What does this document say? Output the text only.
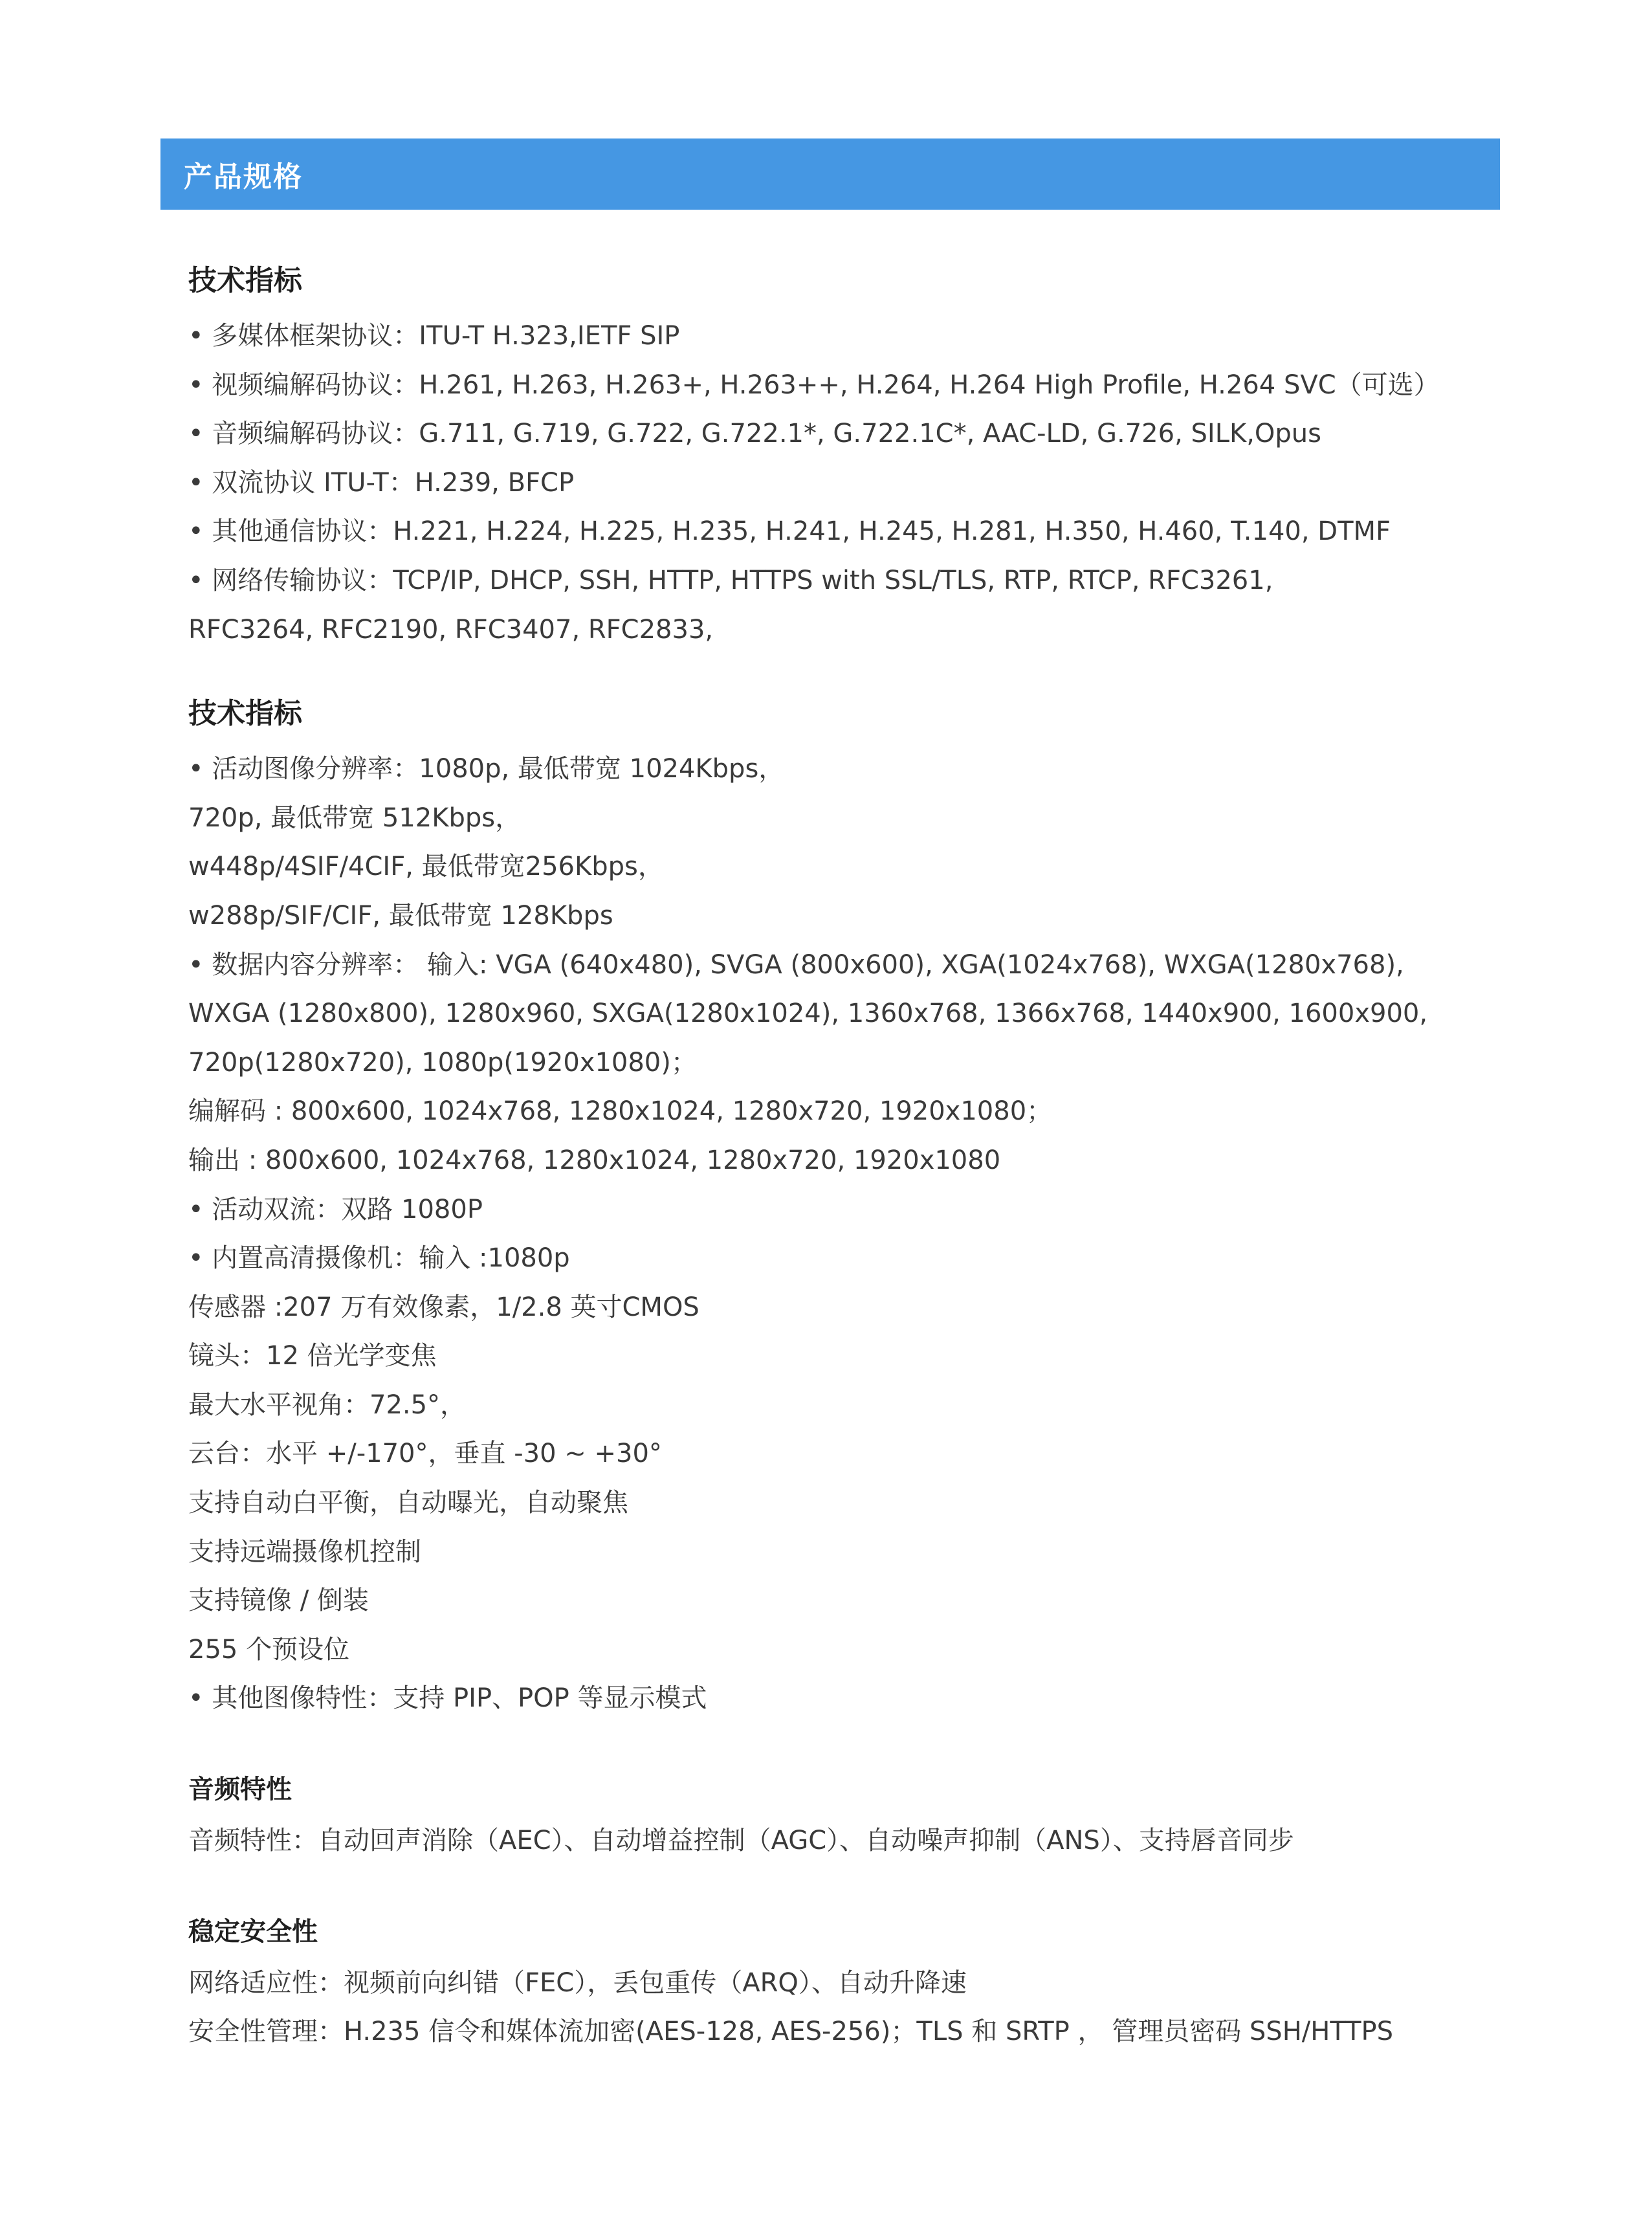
产品规格
技术指标

• 多媒体框架协议：ITU-T H.323,IETF SIP

• 视频编解码协议：H.261, H.263, H.263+, H.263++, H.264, H.264 High Profile, H.264 SVC（可选）

• 音频编解码协议：G.711, G.719, G.722, G.722.1*, G.722.1C*, AAC-LD, G.726, SILK,Opus

• 双流协议 ITU-T：H.239, BFCP

• 其他通信协议：H.221, H.224, H.225, H.235, H.241, H.245, H.281, H.350, H.460, T.140, DTMF

• 网络传输协议：TCP/IP, DHCP, SSH, HTTP, HTTPS with SSL/TLS, RTP, RTCP, RFC3261,

RFC3264, RFC2190, RFC3407, RFC2833,

技术指标

• 活动图像分辨率：1080p, 最低带宽 1024Kbps，

720p, 最低带宽 512Kbps，

w448p/4SIF/4CIF, 最低带宽256Kbps，

w288p/SIF/CIF, 最低带宽 128Kbps

• 数据内容分辨率： 输入: VGA (640x480), SVGA (800x600), XGA(1024x768), WXGA(1280x768),

WXGA (1280x800), 1280x960, SXGA(1280x1024), 1360x768, 1366x768, 1440x900, 1600x900,

720p(1280x720), 1080p(1920x1080)；

编解码 : 800x600, 1024x768, 1280x1024, 1280x720, 1920x1080；

输出 : 800x600, 1024x768, 1280x1024, 1280x720, 1920x1080

• 活动双流：双路 1080P

• 内置高清摄像机：输入 :1080p

传感器 :207 万有效像素，1/2.8 英寸CMOS

镜头：12 倍光学变焦

最大水平视角：72.5°，

云台：水平 +/-170°，垂直 -30 ~ +30°

支持自动白平衡，自动曝光，自动聚焦

支持远端摄像机控制

支持镜像 / 倒装

255 个预设位

• 其他图像特性：支持 PIP、POP 等显示模式

音频特性

音频特性：自动回声消除（AEC）、自动增益控制（AGC）、自动噪声抑制（ANS）、支持唇音同步

稳定安全性

网络适应性：视频前向纠错（FEC），丢包重传（ARQ）、自动升降速

安全性管理：H.235 信令和媒体流加密(AES-128, AES-256)；TLS 和 SRTP ， 管理员密码 SSH/HTTPS
